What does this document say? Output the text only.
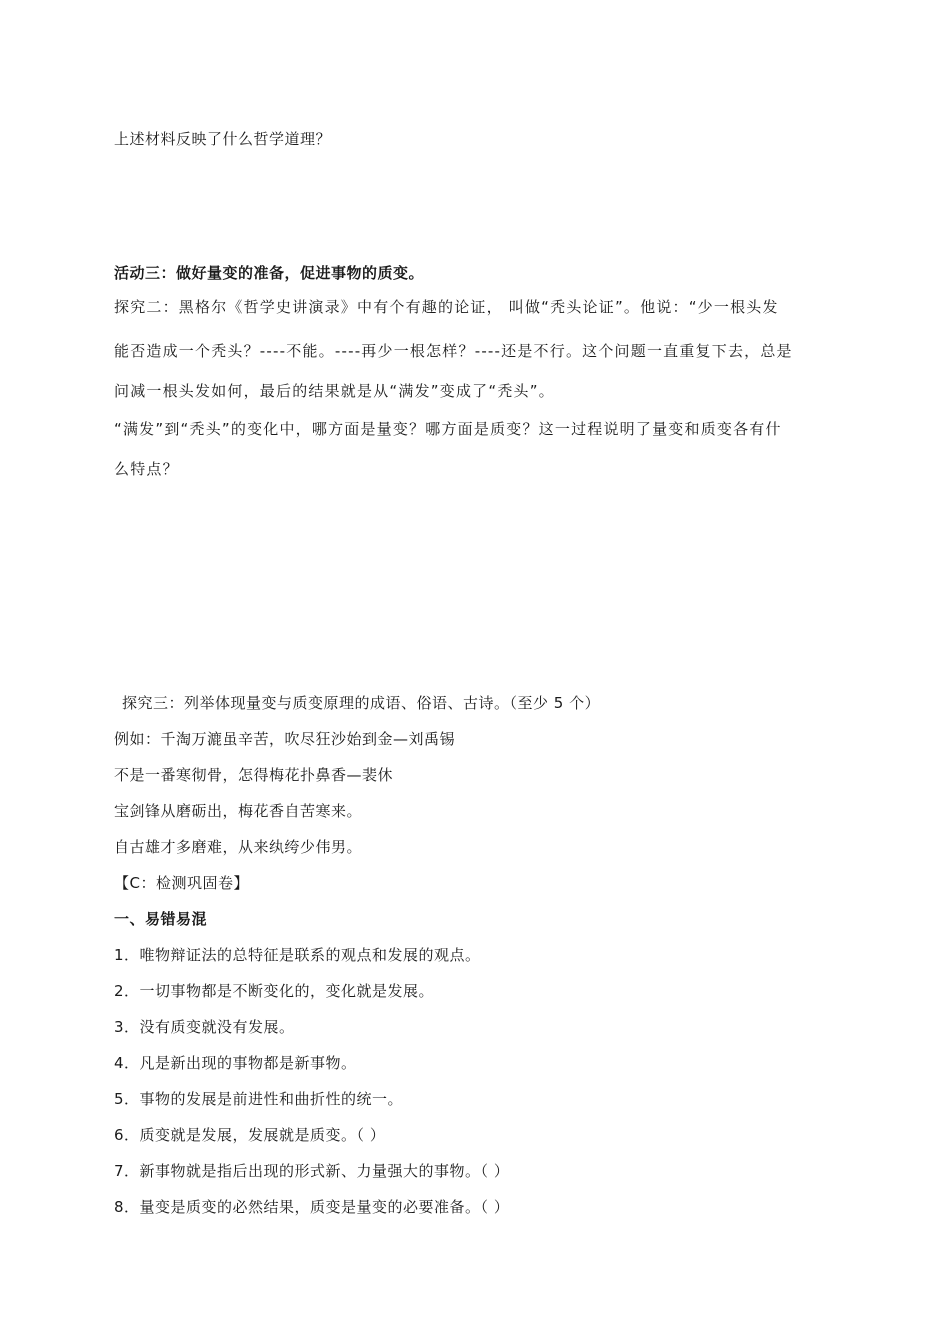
上述材料反映了什么哲学道理？
活动三：做好量变的准备，促进事物的质变。
探究二：黑格尔《哲学史讲演录》中有个有趣的论证， 叫做“秃头论证”。他说：“少一根头发
能否造成一个秃头？----不能。----再少一根怎样？----还是不行。这个问题一直重复下去，总是
问减一根头发如何，最后的结果就是从“满发”变成了“秃头”。
“满发”到“秃头”的变化中，哪方面是量变？哪方面是质变？这一过程说明了量变和质变各有什
么特点？
探究三：列举体现量变与质变原理的成语、俗语、古诗。（至少 5 个）
例如：千淘万漉虽辛苦，吹尽狂沙始到金—刘禹锡
不是一番寒彻骨，怎得梅花扑鼻香—裴休
宝剑锋从磨砺出，梅花香自苦寒来。
自古雄才多磨难，从来纨绔少伟男。
【C：检测巩固卷】
一、易错易混
1．唯物辩证法的总特征是联系的观点和发展的观点。
2．一切事物都是不断变化的，变化就是发展。
3．没有质变就没有发展。
4．凡是新出现的事物都是新事物。
5．事物的发展是前进性和曲折性的统一。
6．质变就是发展，发展就是质变。（ ）
7．新事物就是指后出现的形式新、力量强大的事物。（ ）
8．量变是质变的必然结果，质变是量变的必要准备。（ ）
